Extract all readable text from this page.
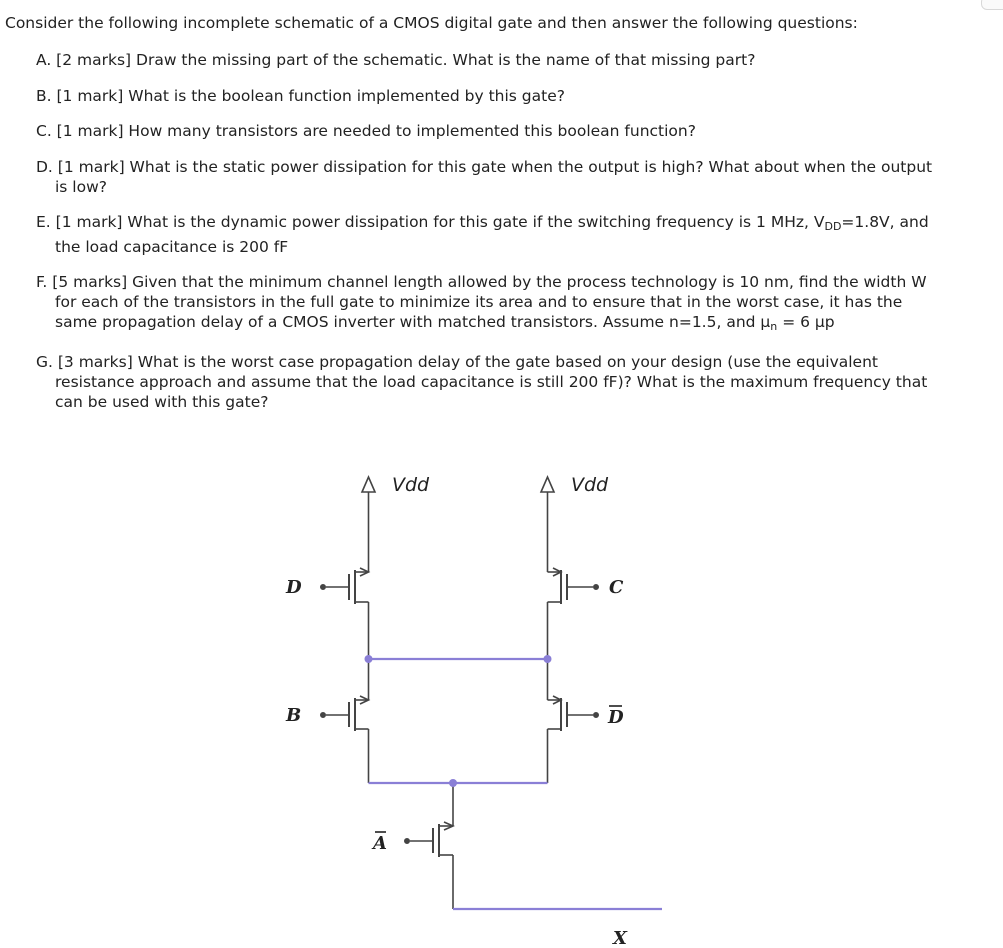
Consider the following incomplete schematic of a CMOS digital gate and then answer the following questions:
A. [2 marks] Draw the missing part of the schematic. What is the name of that missing part?
B. [1 mark] What is the boolean function implemented by this gate?
C. [1 mark] How many transistors are needed to implemented this boolean function?
D. [1 mark] What is the static power dissipation for this gate when the output is high? What about when the output
is low?
E. [1 mark] What is the dynamic power dissipation for this gate if the switching frequency is 1 MHz, $V_{DD}=1.8V$, and
the load capacitance is 200 fF
F. [5 marks] Given that the minimum channel length allowed by the process technology is 10 nm, find the width W
for each of the transistors in the full gate to minimize its area and to ensure that in the worst case, it has the
same propagation delay of a CMOS inverter with matched transistors. Assume n=1.5, and $\mu_n = 6$ μp
G. [3 marks] What is the worst case propagation delay of the gate based on your design (use the equivalent
resistance approach and assume that the load capacitance is still 200 fF)? What is the maximum frequency that
can be used with this gate?
Vdd	Vdd
D
B
C
D
A
X
